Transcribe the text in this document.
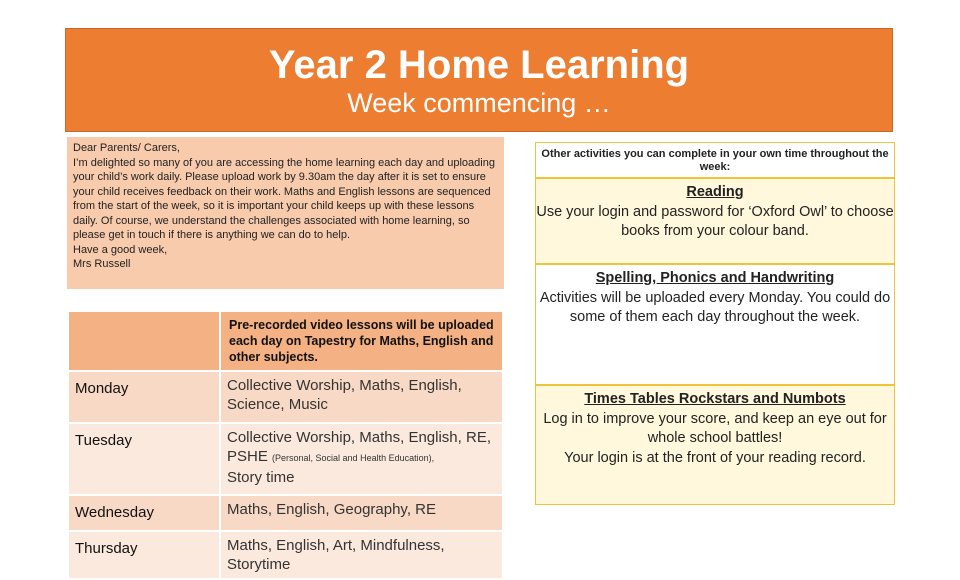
Year 2 Home Learning
Week commencing …

Dear Parents/ Carers,

I’m delighted so many of you are accessing the home learning each day and uploading your child’s work daily. Please upload work by 9.30am the day after it is set to ensure your child receives feedback on their work. Maths and English lessons are sequenced from the start of the week, so it is important your child keeps up with these lessons daily. Of course, we understand the challenges associated with home learning, so please get in touch if there is anything we can do to help.

Have a good week,

Mrs Russell

	Pre-recorded video lessons will be uploaded each day on Tapestry for Maths, English and other subjects.
Monday	Collective Worship, Maths, English, Science, Music
Tuesday	Collective Worship, Maths, English, RE, PSHE (Personal, Social and Health Education),
Story time
Wednesday	Maths, English, Geography, RE
Thursday	Maths, English, Art, Mindfulness, Storytime
Other activities you can complete in your own time throughout the week:
Reading
Use your login and password for ‘Oxford Owl’ to choose books from your colour band.
Spelling, Phonics and Handwriting
Activities will be uploaded every Monday. You could do some of them each day throughout the week.
Times Tables Rockstars and Numbots
Log in to improve your score, and keep an eye out for whole school battles!
Your login is at the front of your reading record.
